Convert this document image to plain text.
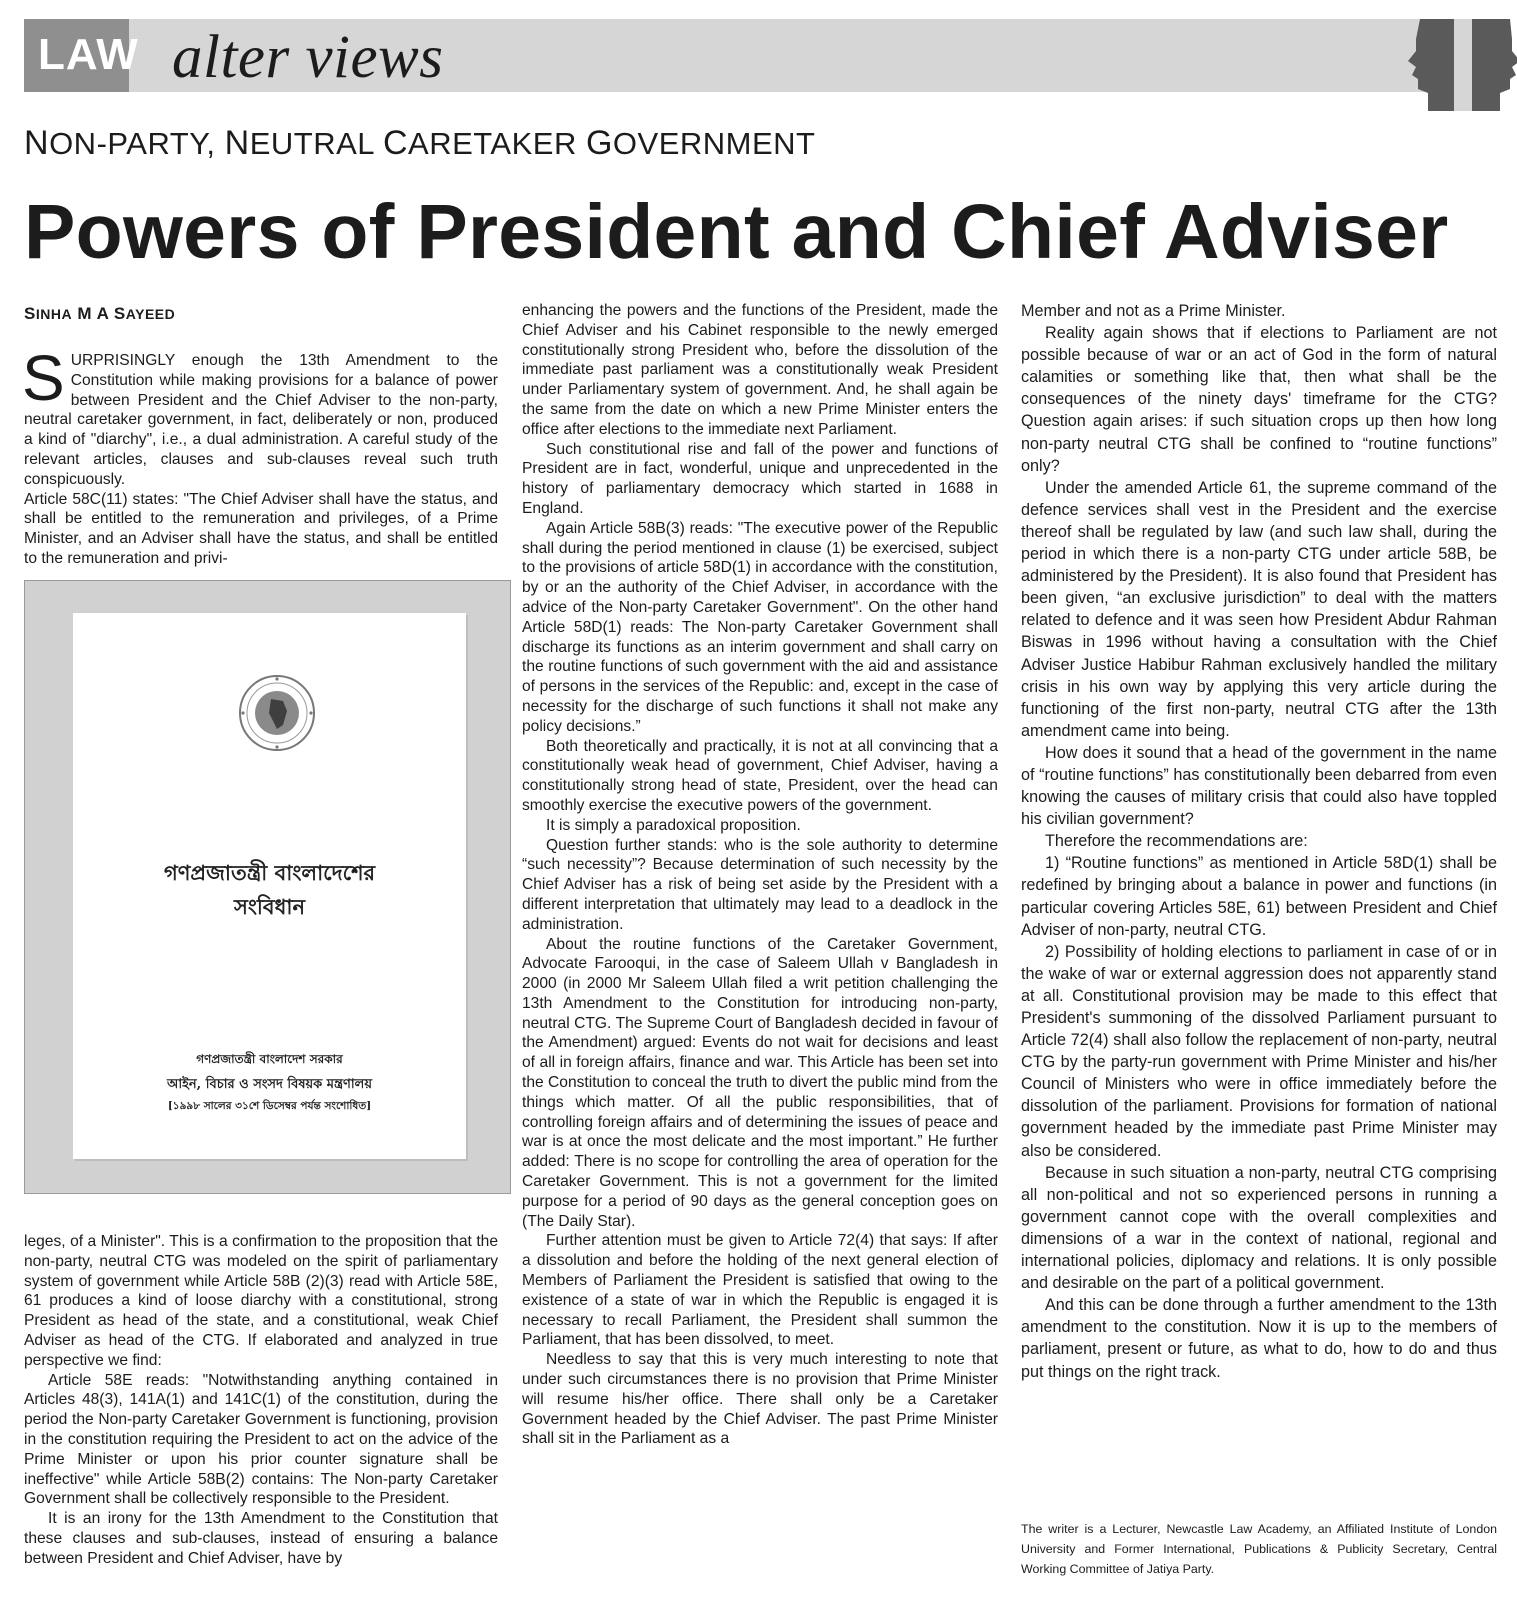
LAW alter views
NON-PARTY, NEUTRAL CARETAKER GOVERNMENT
Powers of President and Chief Adviser
SINHA M A SAYEED
S URPRISINGLY enough the 13th Amendment to the Constitution while making provisions for a balance of power between President and the Chief Adviser to the non-party, neutral caretaker government, in fact, deliberately or non, produced a kind of "diarchy", i.e., a dual administration. A careful study of the relevant articles, clauses and sub-clauses reveal such truth conspicuously.

Article 58C(11) states: "The Chief Adviser shall have the status, and shall be entitled to the remuneration and privileges, of a Prime Minister, and an Adviser shall have the status, and shall be entitled to the remuneration and privi-

গণপ্রজাতন্ত্রী বাংলাদেশের
সংবিধান
গণপ্রজাতন্ত্রী বাংলাদেশ সরকার
আইন, বিচার ও সংসদ বিষয়ক মন্ত্রণালয়
[১৯৯৮ সালের ৩১শে ডিসেম্বর পর্যন্ত সংশোধিত]

leges, of a Minister". This is a confirmation to the proposition that the non-party, neutral CTG was modeled on the spirit of parliamentary system of government while Article 58B (2)(3) read with Article 58E, 61 produces a kind of loose diarchy with a constitutional, strong President as head of the state, and a constitutional, weak Chief Adviser as head of the CTG. If elaborated and analyzed in true perspective we find:

Article 58E reads: "Notwithstanding anything contained in Articles 48(3), 141A(1) and 141C(1) of the constitution, during the period the Non-party Caretaker Government is functioning, provision in the constitution requiring the President to act on the advice of the Prime Minister or upon his prior counter signature shall be ineffective" while Article 58B(2) contains: The Non-party Caretaker Government shall be collectively responsible to the President.

It is an irony for the 13th Amendment to the Constitution that these clauses and sub-clauses, instead of ensuring a balance between President and Chief Adviser, have by

enhancing the powers and the functions of the President, made the Chief Adviser and his Cabinet responsible to the newly emerged constitutionally strong President who, before the dissolution of the immediate past parliament was a constitutionally weak President under Parliamentary system of government. And, he shall again be the same from the date on which a new Prime Minister enters the office after elections to the immediate next Parliament.

Such constitutional rise and fall of the power and functions of President are in fact, wonderful, unique and unprecedented in the history of parliamentary democracy which started in 1688 in England.

Again Article 58B(3) reads: "The executive power of the Republic shall during the period mentioned in clause (1) be exercised, subject to the provisions of article 58D(1) in accordance with the constitution, by or an the authority of the Chief Adviser, in accordance with the advice of the Non-party Caretaker Government". On the other hand Article 58D(1) reads: The Non-party Caretaker Government shall discharge its functions as an interim government and shall carry on the routine functions of such government with the aid and assistance of persons in the services of the Republic: and, except in the case of necessity for the discharge of such functions it shall not make any policy decisions.”

Both theoretically and practically, it is not at all convincing that a constitutionally weak head of government, Chief Adviser, having a constitutionally strong head of state, President, over the head can smoothly exercise the executive powers of the government.

It is simply a paradoxical proposition.

Question further stands: who is the sole authority to determine “such necessity”? Because determination of such necessity by the Chief Adviser has a risk of being set aside by the President with a different interpretation that ultimately may lead to a deadlock in the administration.

About the routine functions of the Caretaker Government, Advocate Farooqui, in the case of Saleem Ullah v Bangladesh in 2000 (in 2000 Mr Saleem Ullah filed a writ petition challenging the 13th Amendment to the Constitution for introducing non-party, neutral CTG. The Supreme Court of Bangladesh decided in favour of the Amendment) argued: Events do not wait for decisions and least of all in foreign affairs, finance and war. This Article has been set into the Constitution to conceal the truth to divert the public mind from the things which matter. Of all the public responsibilities, that of controlling foreign affairs and of determining the issues of peace and war is at once the most delicate and the most important.” He further added: There is no scope for controlling the area of operation for the Caretaker Government. This is not a government for the limited purpose for a period of 90 days as the general conception goes on (The Daily Star).

Further attention must be given to Article 72(4) that says: If after a dissolution and before the holding of the next general election of Members of Parliament the President is satisfied that owing to the existence of a state of war in which the Republic is engaged it is necessary to recall Parliament, the President shall summon the Parliament, that has been dissolved, to meet.

Needless to say that this is very much interesting to note that under such circumstances there is no provision that Prime Minister will resume his/her office. There shall only be a Caretaker Government headed by the Chief Adviser. The past Prime Minister shall sit in the Parliament as a

Member and not as a Prime Minister.

Reality again shows that if elections to Parliament are not possible because of war or an act of God in the form of natural calamities or something like that, then what shall be the consequences of the ninety days' timeframe for the CTG? Question again arises: if such situation crops up then how long non-party neutral CTG shall be confined to “routine functions” only?

Under the amended Article 61, the supreme command of the defence services shall vest in the President and the exercise thereof shall be regulated by law (and such law shall, during the period in which there is a non-party CTG under article 58B, be administered by the President). It is also found that President has been given, “an exclusive jurisdiction” to deal with the matters related to defence and it was seen how President Abdur Rahman Biswas in 1996 without having a consultation with the Chief Adviser Justice Habibur Rahman exclusively handled the military crisis in his own way by applying this very article during the functioning of the first non-party, neutral CTG after the 13th amendment came into being.

How does it sound that a head of the government in the name of “routine functions” has constitutionally been debarred from even knowing the causes of military crisis that could also have toppled his civilian government?

Therefore the recommendations are:

1) “Routine functions” as mentioned in Article 58D(1) shall be redefined by bringing about a balance in power and functions (in particular covering Articles 58E, 61) between President and Chief Adviser of non-party, neutral CTG.

2) Possibility of holding elections to parliament in case of or in the wake of war or external aggression does not apparently stand at all. Constitutional provision may be made to this effect that President's summoning of the dissolved Parliament pursuant to Article 72(4) shall also follow the replacement of non-party, neutral CTG by the party-run government with Prime Minister and his/her Council of Ministers who were in office immediately before the dissolution of the parliament. Provisions for formation of national government headed by the immediate past Prime Minister may also be considered.

Because in such situation a non-party, neutral CTG comprising all non-political and not so experienced persons in running a government cannot cope with the overall complexities and dimensions of a war in the context of national, regional and international policies, diplomacy and relations. It is only possible and desirable on the part of a political government.

And this can be done through a further amendment to the 13th amendment to the constitution. Now it is up to the members of parliament, present or future, as what to do, how to do and thus put things on the right track.

The writer is a Lecturer, Newcastle Law Academy, an Affiliated Institute of London University and Former International, Publications & Publicity Secretary, Central Working Committee of Jatiya Party.
